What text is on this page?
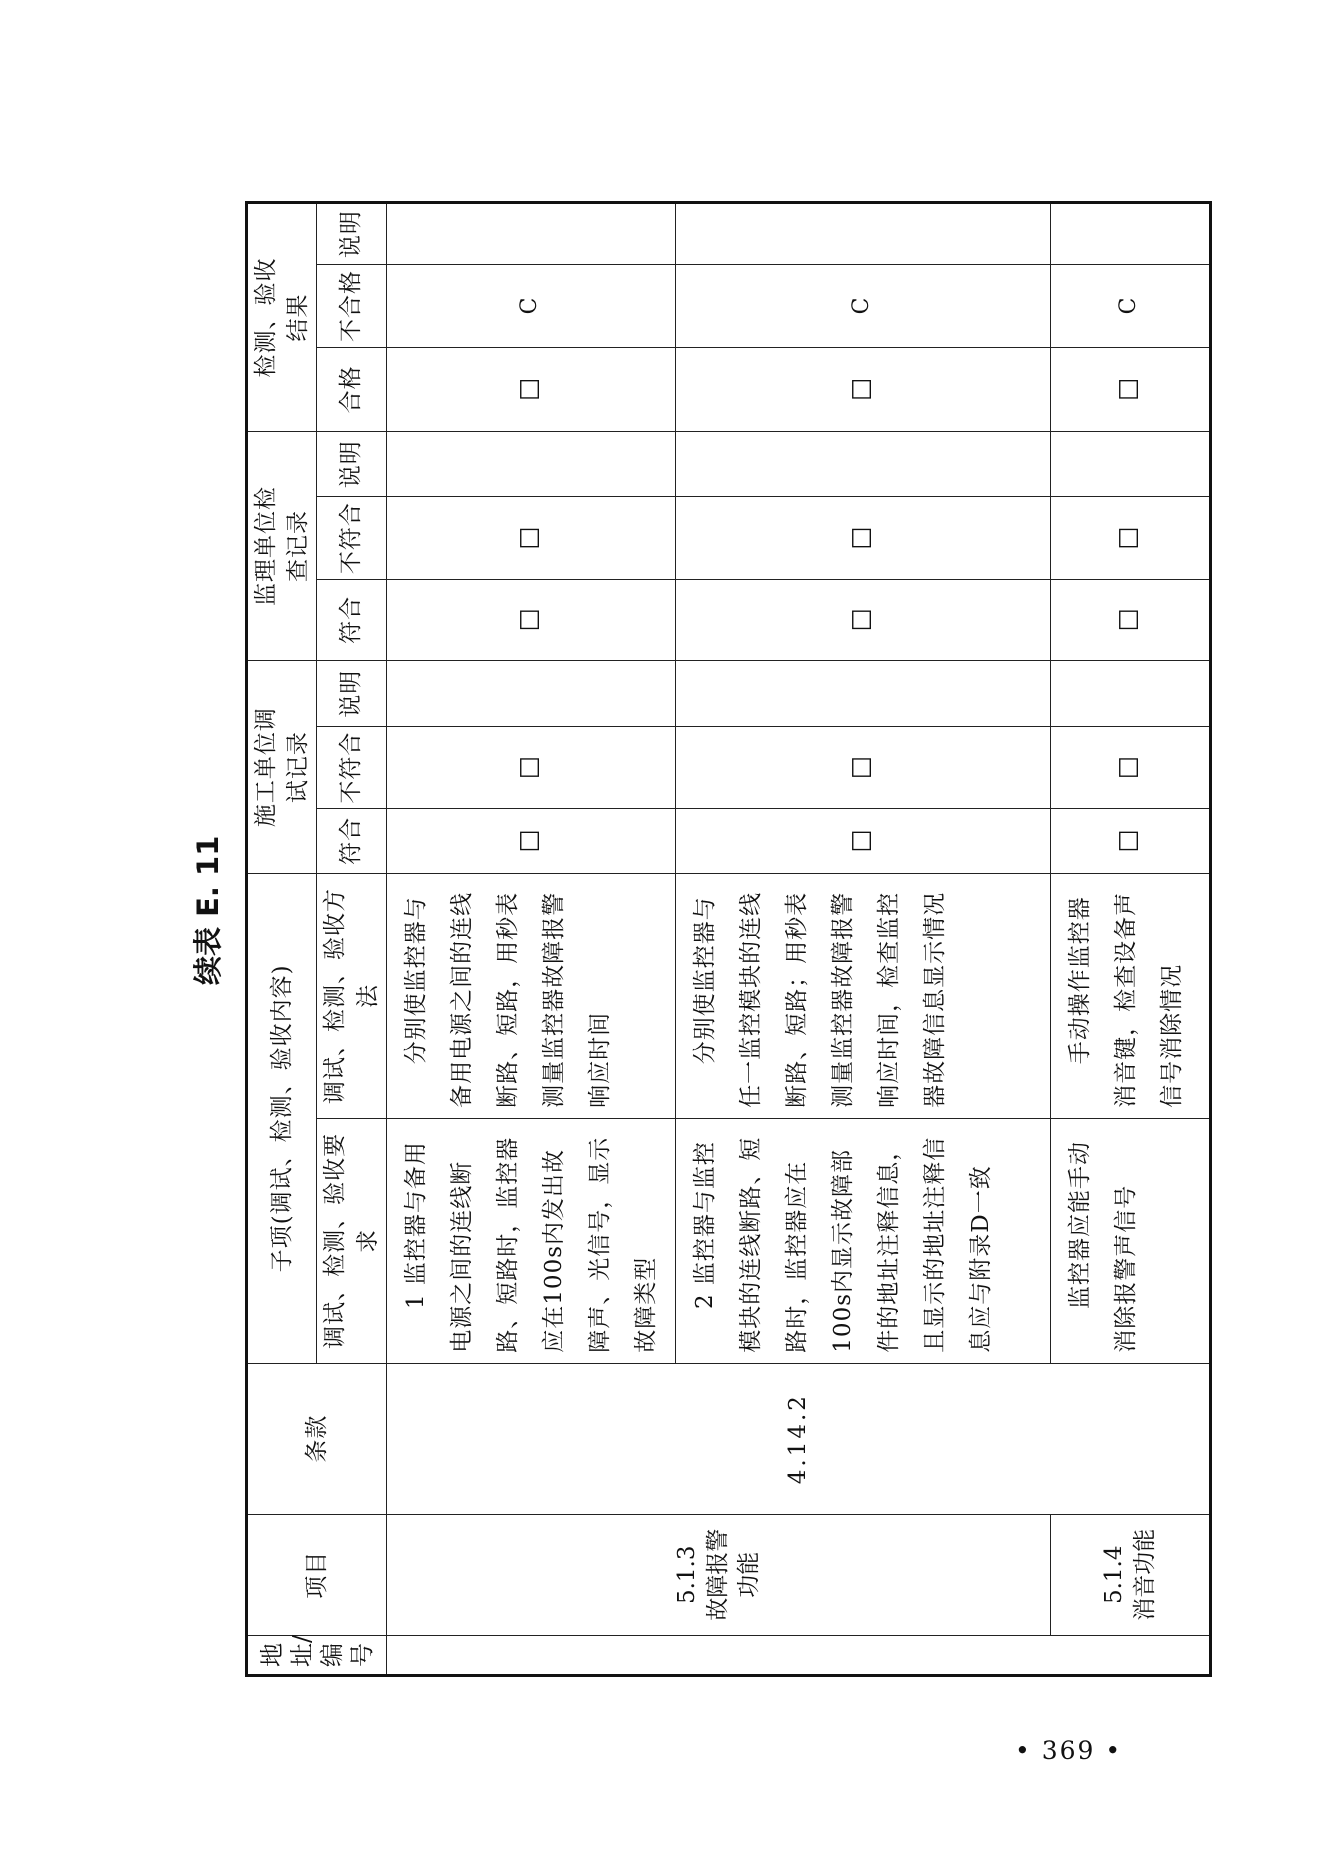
续表 E. 11
地址/编号	项目	条款	子项(调试、检测、验收内容)		施工单位调试记录			监理单位检查记录			检测、验收结果		

			调试、检测、验收要求	调试、检测、验收方法	符合	不符合	说明	符合	不符合	说明	合格	不合格	说明

	5.1.3 故障报警功能	4.14.2	1 监控器与备用电源之间的连线断路、短路时，监控器应在100s内发出故障声、光信号，显示故障类型	分别使监控器与备用电源之间的连线断路、短路，用秒表测量监控器故障报警响应时间	☐	☐		☐	☐		☐	C	
			2 监控器与监控模块的连线断路、短路时，监控器应在100s内显示故障部件的地址注释信息，且显示的地址注释信息应与附录D一致	分别使监控器与任一监控模块的连线断路、短路；用秒表测量监控器故障报警响应时间，检查监控器故障信息显示情况	☐	☐		☐	☐		☐	C	

	5.1.4 消音功能		监控器应能手动消除报警声信号	手动操作监控器消音键，检查设备声信号消除情况	☐	☐		☐	☐		☐	C	
• 369 •
